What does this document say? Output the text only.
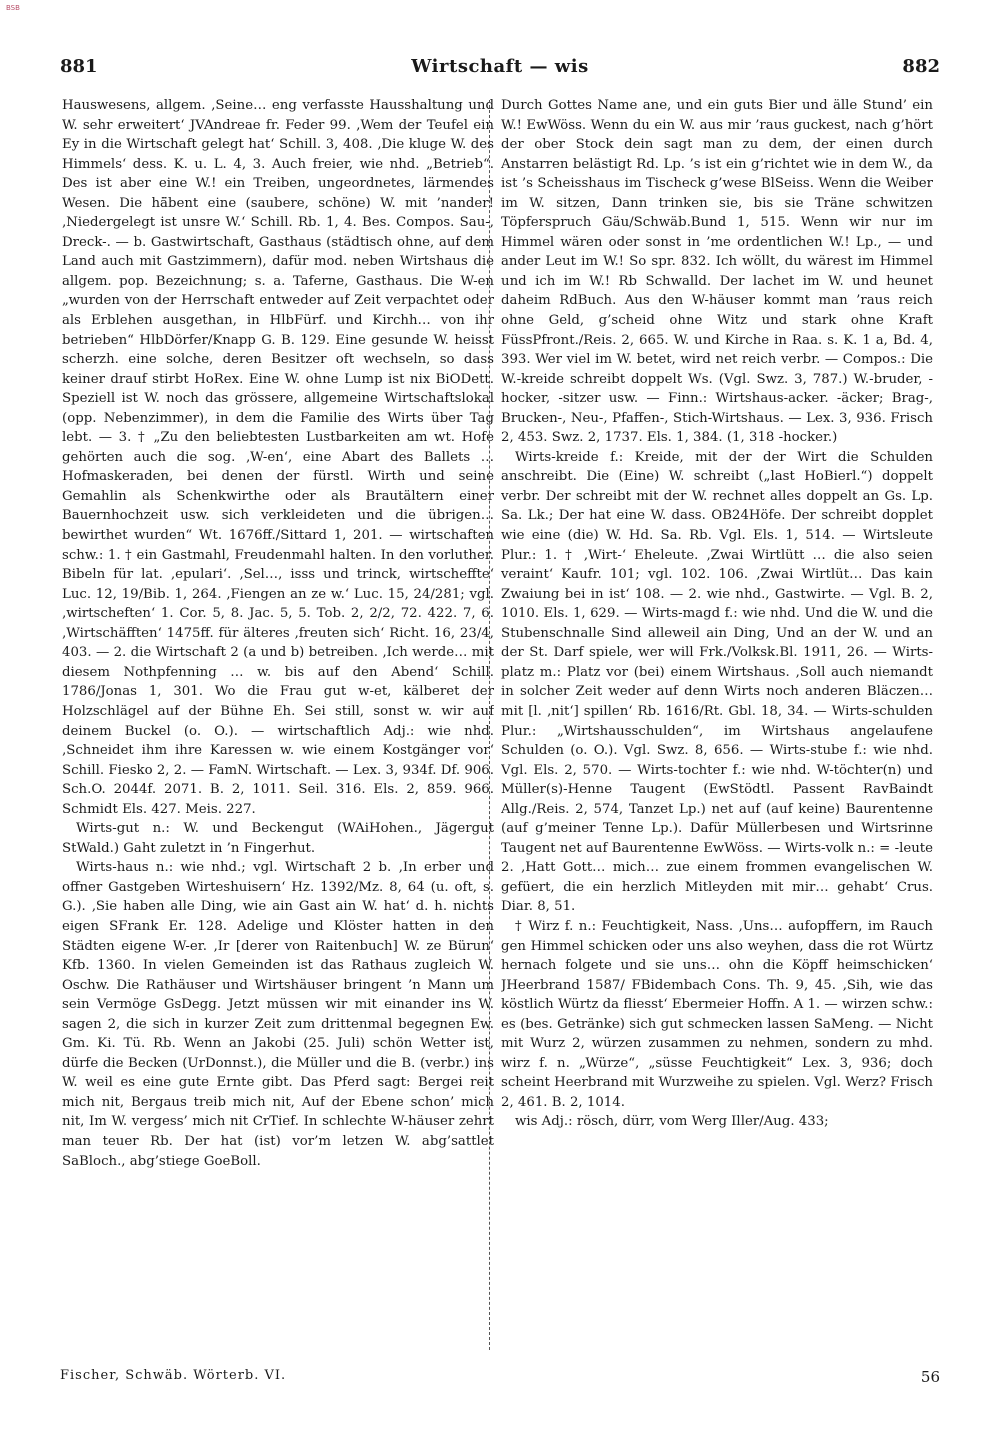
BSB
881	Wirtschaft — wis	882

Hauswesens, allgem. ‚Seine… eng verfasste Hausshaltung und W. sehr erweitert‘ JVAndreae fr. Feder 99. ‚Wem der Teufel ein Ey in die Wirtschaft gelegt hat‘ Schill. 3, 408. ‚Die kluge W. des Himmels‘ dess. K. u. L. 4, 3. Auch freier, wie nhd. „Betrieb“. Des ist aber eine W.! ein Treiben, ungeordnetes, lärmendes Wesen. Die hä̈bent eine (saubere, schöne) W. mit ’nander! ‚Niedergelegt ist unsre W.‘ Schill. Rb. 1, 4. Bes. Compos. Sau-, Dreck-. — b. Gastwirtschaft, Gasthaus (städtisch ohne, auf dem Land auch mit Gastzimmern), dafür mod. neben Wirtshaus die allgem. pop. Bezeichnung; s. a. Taferne, Gasthaus. Die W-en „wurden von der Herrschaft entweder auf Zeit verpachtet oder als Erblehen ausgethan, in HlbFürf. und Kirchh… von ihr betrieben“ HlbDörfer/Knapp G. B. 129. Eine gesunde W. heisst scherzh. eine solche, deren Besitzer oft wechseln, so dass keiner drauf stirbt HoRex. Eine W. ohne Lump ist nix BiODett. Speziell ist W. noch das grössere, allgemeine Wirtschaftslokal (opp. Nebenzimmer), in dem die Familie des Wirts über Tag lebt. — 3. † „Zu den beliebtesten Lustbarkeiten am wt. Hofe gehörten auch die sog. ‚W-en‘, eine Abart des Ballets … Hofmaskeraden, bei denen der fürstl. Wirth und seine Gemahlin als Schenkwirthe oder als Brautältern einer Bauernhochzeit usw. sich verkleideten und die übrigen… bewirthet wurden“ Wt. 1676ff./Sittard 1, 201. — wirtschaften schw.: 1. † ein Gastmahl, Freudenmahl halten. In den vorluther. Bibeln für lat. ‚epulari‘. ‚Sel…, isss und trinck, wirtscheffte‘ Luc. 12, 19/Bib. 1, 264. ‚Fiengen an ze w.‘ Luc. 15, 24/281; vgl. ‚wirtscheften‘ 1. Cor. 5, 8. Jac. 5, 5. Tob. 2, 2/2, 72. 422. 7, 6. ‚Wirtschäfften‘ 1475ff. für älteres ‚freuten sich‘ Richt. 16, 23/4, 403. — 2. die Wirtschaft 2 (a und b) betreiben. ‚Ich werde… mit diesem Nothpfenning … w. bis auf den Abend‘ Schill. 1786/Jonas 1, 301. Wo die Frau gut w-et, kälberet der Holzschlägel auf der Bühne Eh. Sei still, sonst w. wir auf deinem Buckel (o. O.). — wirtschaftlich Adj.: wie nhd. ‚Schneidet ihm ihre Karessen w. wie einem Kostgänger vor‘ Schill. Fiesko 2, 2. — FamN. Wirtschaft. — Lex. 3, 934f. Df. 906. Sch.O. 2044f. 2071. B. 2, 1011. Seil. 316. Els. 2, 859. 966. Schmidt Els. 427. Meis. 227.

Wirts-gut n.: W. und Beckengut (WAiHohen., Jägergut StWald.) Gaht zuletzt in ’n Fingerhut.

Wirts-haus n.: wie nhd.; vgl. Wirtschaft 2 b. ‚In erber und offner Gastgeben Wirteshuisern‘ Hz. 1392/Mz. 8, 64 (u. oft, s. G.). ‚Sie haben alle Ding, wie ain Gast ain W. hat‘ d. h. nichts eigen SFrank Er. 128. Adelige und Klöster hatten in den Städten eigene W-er. ‚Ir [derer von Raitenbuch] W. ze Bürun‘ Kfb. 1360. In vielen Gemeinden ist das Rathaus zugleich W. Oschw. Die Rathäuser und Wirtshäuser bringent ’n Mann um sein Vermöge GsDegg. Jetzt müssen wir mit einander ins W. sagen 2, die sich in kurzer Zeit zum drittenmal begegnen Ew. Gm. Ki. Tü. Rb. Wenn an Jakobi (25. Juli) schön Wetter ist, dürfe die Becken (UrDonnst.), die Müller und die B. (verbr.) ins W. weil es eine gute Ernte gibt. Das Pferd sagt: Bergei reit mich nit, Bergaus treib mich nit, Auf der Ebene schon’ mich nit, Im W. vergess’ mich nit CrTief. In schlechte W-häuser zehrt man teuer Rb. Der hat (ist) vor’m letzen W. abg’sattlet SaBloch., abg’stiege GoeBoll.

Durch Gottes Name ane, und ein guts Bier und älle Stund’ ein W.! EwWöss. Wenn du ein W. aus mir ’raus guckest, nach g’hört der ober Stock dein sagt man zu dem, der einen durch Anstarren belästigt Rd. Lp. ’s ist ein g’richtet wie in dem W., da ist ’s Scheisshaus im Tischeck g’wese BlSeiss. Wenn die Weiber im W. sitzen, Dann trinken sie, bis sie Träne schwitzen Töpferspruch Gäu/Schwäb.Bund 1, 515. Wenn wir nur im Himmel wären oder sonst in ’me ordentlichen W.! Lp., — und ander Leut im W.! So spr. 832. Ich wöllt, du wärest im Himmel und ich im W.! Rb Schwalld. Der lachet im W. und heunet daheim RdBuch. Aus den W-häuser kommt man ’raus reich ohne Geld, g’scheid ohne Witz und stark ohne Kraft FüssPfront./Reis. 2, 665. W. und Kirche in Raa. s. K. 1 a, Bd. 4, 393. Wer viel im W. betet, wird net reich verbr. — Compos.: Die W.-kreide schreibt doppelt Ws. (Vgl. Swz. 3, 787.) W.-bruder, -hocker, -sitzer usw. — Finn.: Wirtshaus-acker. -äcker; Brag-, Brucken-, Neu-, Pfaffen-, Stich-Wirtshaus. — Lex. 3, 936. Frisch 2, 453. Swz. 2, 1737. Els. 1, 384. (1, 318 -hocker.)

Wirts-kreide f.: Kreide, mit der der Wirt die Schulden anschreibt. Die (Eine) W. schreibt („last HoBierl.“) doppelt verbr. Der schreibt mit der W. rechnet alles doppelt an Gs. Lp. Sa. Lk.; Der hat eine W. dass. OB24Höfe. Der schreibt dopplet wie eine (die) W. Hd. Sa. Rb. Vgl. Els. 1, 514. — Wirtsleute Plur.: 1. † ‚Wirt-‘ Eheleute. ‚Zwai Wirtlütt … die also seien veraint‘ Kaufr. 101; vgl. 102. 106. ‚Zwai Wirtlüt… Das kain Zwaiung bei in ist‘ 108. — 2. wie nhd., Gastwirte. — Vgl. B. 2, 1010. Els. 1, 629. — Wirts-magd f.: wie nhd. Und die W. und die Stubenschnalle Sind alleweil ain Ding, Und an der W. und an der St. Darf spiele, wer will Frk./Volksk.Bl. 1911, 26. — Wirts-platz m.: Platz vor (bei) einem Wirtshaus. ‚Soll auch niemandt in solcher Zeit weder auf denn Wirts noch anderen Bläczen… mit [l. ‚nit‘] spillen‘ Rb. 1616/Rt. Gbl. 18, 34. — Wirts-schulden Plur.: „Wirtshausschulden“, im Wirtshaus angelaufene Schulden (o. O.). Vgl. Swz. 8, 656. — Wirts-stube f.: wie nhd. Vgl. Els. 2, 570. — Wirts-tochter f.: wie nhd. W-töchter(n) und Müller(s)-Henne Taugent (EwStödtl. Passent RavBaindt Allg./Reis. 2, 574, Tanzet Lp.) net auf (auf keine) Baurentenne (auf g’meiner Tenne Lp.). Dafür Müllerbesen und Wirtsrinne Taugent net auf Baurentenne EwWöss. — Wirts-volk n.: = -leute 2. ‚Hatt Gott… mich… zue einem frommen evangelischen W. gefüert, die ein herzlich Mitleyden mit mir… gehabt‘ Crus. Diar. 8, 51.

† Wirz f. n.: Feuchtigkeit, Nass. ‚Uns… aufopffern, im Rauch gen Himmel schicken oder uns also weyhen, dass die rot Würtz hernach folgete und sie uns… ohn die Köpff heimschicken‘ JHeerbrand 1587/ FBidembach Cons. Th. 9, 45. ‚Sih, wie das köstlich Würtz da fliesst‘ Ebermeier Hoffn. A 1. — wirzen schw.: es (bes. Getränke) sich gut schmecken lassen SaMeng. — Nicht mit Wurz 2, würzen zusammen zu nehmen, sondern zu mhd. wirz f. n. „Würze“, „süsse Feuchtigkeit“ Lex. 3, 936; doch scheint Heerbrand mit Wurzweihe zu spielen. Vgl. Werz? Frisch 2, 461. B. 2, 1014.

wis Adj.: rösch, dürr, vom Werg Iller/Aug. 433;

Fischer, Schwäb. Wörterb. VI.	56
